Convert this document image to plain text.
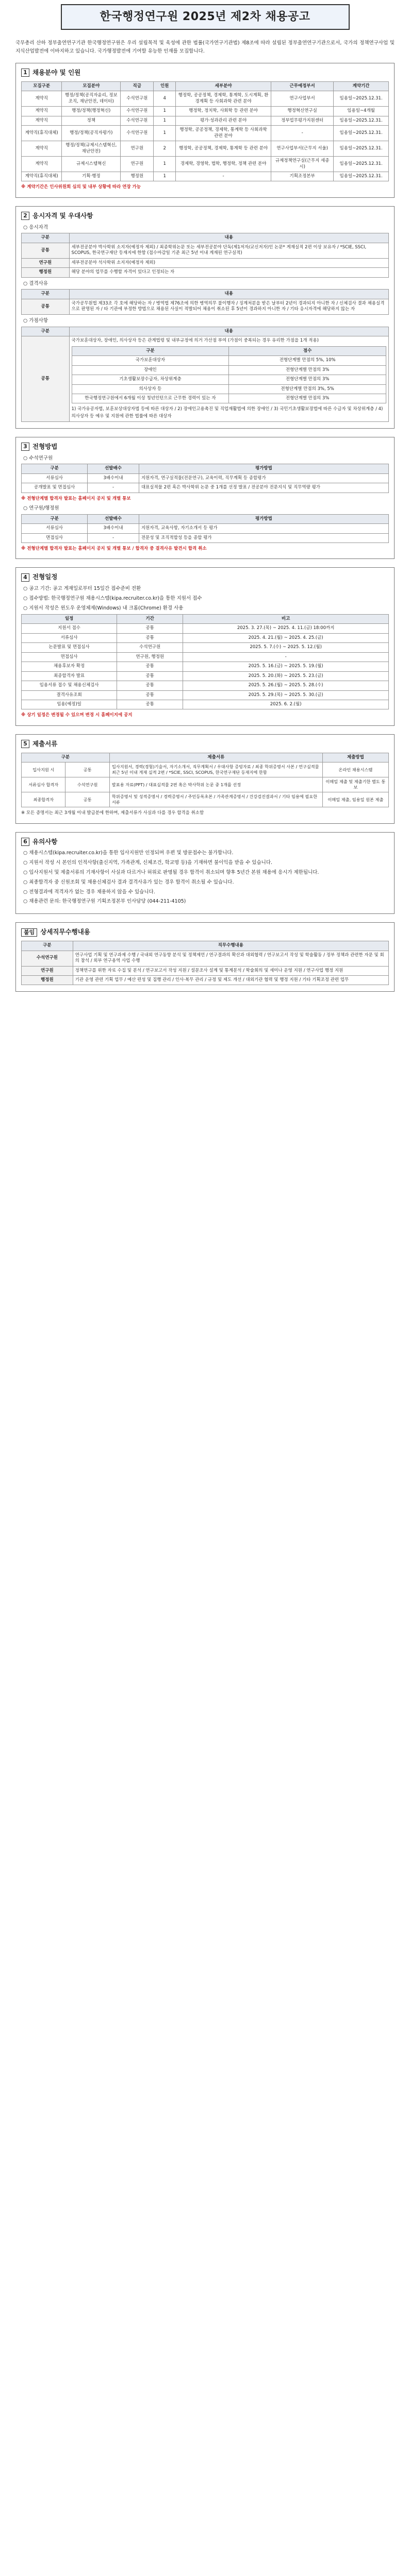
한국행정연구원 2025년 제2차 채용공고

국무총리 산하 정부출연연구기관 한국행정연구원은 우리 설립목적 및 육성에 관한 법률(국가연구기관법) 제8조에 따라 설립된 정부출연연구기관으로서, 국가의 정책연구사업 및 지식산업발전에 이바지하고 있습니다. 국가행정발전에 기여할 유능한 인재를 모집합니다.

1 채용분야 및 인원
모집구분	모집분야	직급	인원	세부분야	근무예정부서	계약기간
계약직	행정/정책(공직자윤리, 정보조직, 재난안전, 데이터)	수석연구원	4	행정학, 공공정책, 경제학, 통계학, 도시계획, 환경계획 등 사회과학 관련 분야	연구사업부서	임용일~2025.12.31.
계약직	행정/정책(행정혁신)	수석연구원	1	행정학, 정치학, 사회학 등 관련 분야	행정혁신연구실	임용일~4개월
계약직	정책	수석연구원	1	평가·성과관리 관련 분야	정부업무평가지원센터	임용일~2025.12.31.
계약직(휴직대체)	행정/정책(공직자평가)	수석연구원	1	행정학, 공공정책, 경제학, 통계학 등 사회과학 관련 분야	-	임용일~2025.12.31.
계약직	행정/정책(규제시스템혁신, 재난안전)	연구원	2	행정학, 공공정책, 경제학, 통계학 등 관련 분야	연구사업부서(근무지 서울)	임용일~2025.12.31.
계약직	규제시스템혁신	연구원	1	경제학, 경영학, 법학, 행정학, 정책 관련 분야	규제정책연구실(근무지 세종시)	임용일~2025.12.31.
계약직(휴직대체)	기획·행정	행정원	1	-	기획조정본부	임용일~2025.12.31.

※ 계약기간은 인사위원회 심의 및 내부 상황에 따라 연장 가능

2 응시자격 및 우대사항

○ 응시자격

구분	내용
공통	세부전공분야 박사학위 소지자(예정자 제외) / 최종학위논문 또는 세부전공분야 단독(제1저자/교신저자)인 논문* 게재실적 2편 이상 보유자 / *SCIE, SSCI, SCOPUS, 한국연구재단 등재지에 한함 (접수마감일 기준 최근 5년 이내 게재된 연구실적)
연구원	세부전공분야 석사학위 소지자(예정자 제외)
행정원	해당 분야의 업무를 수행할 자격이 있다고 인정되는 자

○ 결격사유

구분	내용
공통	국가공무원법 제33조 각 호에 해당하는 자 / 병역법 제76조에 의한 병역의무 불이행자 / 징계처분을 받은 날부터 2년이 경과되지 아니한 자 / 신체검사 결과 채용실격으로 판명된 자 / 타 기관에 부정한 방법으로 채용된 사실이 적발되어 채용이 취소된 후 5년이 경과하지 아니한 자 / 기타 응시자격에 해당하지 않는 자

○ 가점사항

구분	내용
공통	
국가보훈대상자, 장애인, 의사상자 등은 관계법령 및 내부규정에 의거 가산점 부여 (가점이 중복되는 경우 유리한 가점을 1개 적용)
구분	점수
국가보훈대상자	전형단계별 만점의 5%, 10%
장애인	전형단계별 만점의 3%
기초생활보장수급자, 차상위계층	전형단계별 만점의 3%
의사상자 등	전형단계별 만점의 3%, 5%
한국행정연구원에서 6개월 이상 청년인턴으로 근무한 경력이 있는 자	전형단계별 만점의 3%

1) 국가유공자법, 보훈보상대상자법 등에 따른 대상자 / 2) 장애인고용촉진 및 직업재활법에 의한 장애인 / 3) 국민기초생활보장법에 따른 수급자 및 차상위계층 / 4) 의사상자 등 예우 및 지원에 관한 법률에 따른 대상자

3 전형방법

○ 수석연구원

구분	선발배수	평가방법
서류심사	3배수이내	지원자격, 연구실적물(전문연구), 교육이력, 직무계획 등 종합평가
공개발표 및 면접심사	-	대표실적물 2편 혹은 박사학위 논문 중 1개를 선정 발표 / 전공분야 전문지식 및 직무역량 평가

※ 전형단계별 합격자 발표는 홈페이지 공지 및 개별 통보

○ 연구원/행정원

구분	선발배수	평가방법
서류심사	3배수이내	지원자격, 교육사항, 자기소개서 등 평가
면접심사	-	전문성 및 조직적합성 등을 종합 평가

※ 전형단계별 합격자 발표는 홈페이지 공지 및 개별 통보 / 합격자 중 결격사유 발견시 합격 취소

4 전형일정

○ 공고 기간: 공고 게재일로부터 15일간 접수준비 전환

○ 접수방법: 한국행정연구원 채용시스템(kipa.recruiter.co.kr)을 통한 지원서 접수

○ 지원서 작성은 윈도우 운영체제(Windows) 내 크롬(Chrome) 환경 사용

일정	기간	비고
지원서 접수	공통	2025. 3. 27.(목) ~ 2025. 4. 11.(금) 18:00까지
서류심사	공통	2025. 4. 21.(월) ~ 2025. 4. 25.(금)
논문발표 및 면접심사	수석연구원	2025. 5. 7.(수) ~ 2025. 5. 12.(월)
면접심사	연구원, 행정원	-
채용후보자 확정	공통	2025. 5. 16.(금) ~ 2025. 5. 19.(월)
최종합격자 발표	공통	2025. 5. 20.(화) ~ 2025. 5. 23.(금)
임용서류 접수 및 채용신체검사	공통	2025. 5. 26.(월) ~ 2025. 5. 28.(수)
결격사유조회	공통	2025. 5. 29.(목) ~ 2025. 5. 30.(금)
임용(예정)일	공통	2025. 6. 2.(월)

※ 상기 일정은 변경될 수 있으며 변경 시 홈페이지에 공지

5 제출서류
구분		제출서류	제출방법
입사지원 시	공통	입사지원서, 경력(경험)기술서, 자기소개서, 직무계획서 / 우대사항 증빙자료 / 최종 학위증명서 사본 / 연구실적물 최근 5년 이내 게재 실적 2편 / *SCIE, SSCI, SCOPUS, 한국연구재단 등재지에 한함	온라인 채용시스템
서류심사 합격자	수석연구원	발표용 자료(PPT) / 대표실적물 2편 혹은 박사학위 논문 중 1개를 선정	이메일 제출 및 제출기한 별도 통보
최종합격자	공통	학위증명서 및 성적증명서 / 경력증명서 / 주민등록초본 / 가족관계증명서 / 건강검진결과서 / 기타 임용에 필요한 서류	이메일 제출, 임용일 원본 제출

※ 모든 증명서는 최근 3개월 이내 발급분에 한하며, 제출서류가 사실과 다를 경우 합격을 취소함

6 유의사항

○ 채용시스템(kipa.recruiter.co.kr)을 통한 입사지원만 인정되며 우편 및 방문접수는 불가합니다.

○ 지원서 작성 시 본인의 인적사항(출신지역, 가족관계, 신체조건, 학교명 등)을 기재하면 불이익을 받을 수 있습니다.

○ 입사지원서 및 제출서류의 기재사항이 사실과 다르거나 허위로 판명될 경우 합격이 취소되며 향후 5년간 본원 채용에 응시가 제한됩니다.

○ 최종합격자 중 신원조회 및 채용신체검사 결과 결격사유가 있는 경우 합격이 취소될 수 있습니다.

○ 전형결과에 적격자가 없는 경우 채용하지 않을 수 있습니다.

○ 채용관련 문의: 한국행정연구원 기획조정본부 인사담당 (044-211-4105)

붙임 상세직무수행내용
구분	직무수행내용
수석연구원	연구사업 기획 및 연구과제 수행 / 국내외 연구동향 분석 및 정책제언 / 연구결과의 확산과 대외협력 / 연구보고서 작성 및 학술활동 / 정부 정책과 관련한 자문 및 회의 참석 / 외부 연구용역 사업 수행
연구원	정책연구를 위한 자료 수집 및 분석 / 연구보고서 작성 지원 / 설문조사 설계 및 통계분석 / 학술회의 및 세미나 운영 지원 / 연구사업 행정 지원
행정원	기관 운영 관련 기획 업무 / 예산 편성 및 집행 관리 / 인사·복무 관리 / 규정 및 제도 개선 / 대외기관 협력 및 행정 지원 / 기타 기획조정 관련 업무
